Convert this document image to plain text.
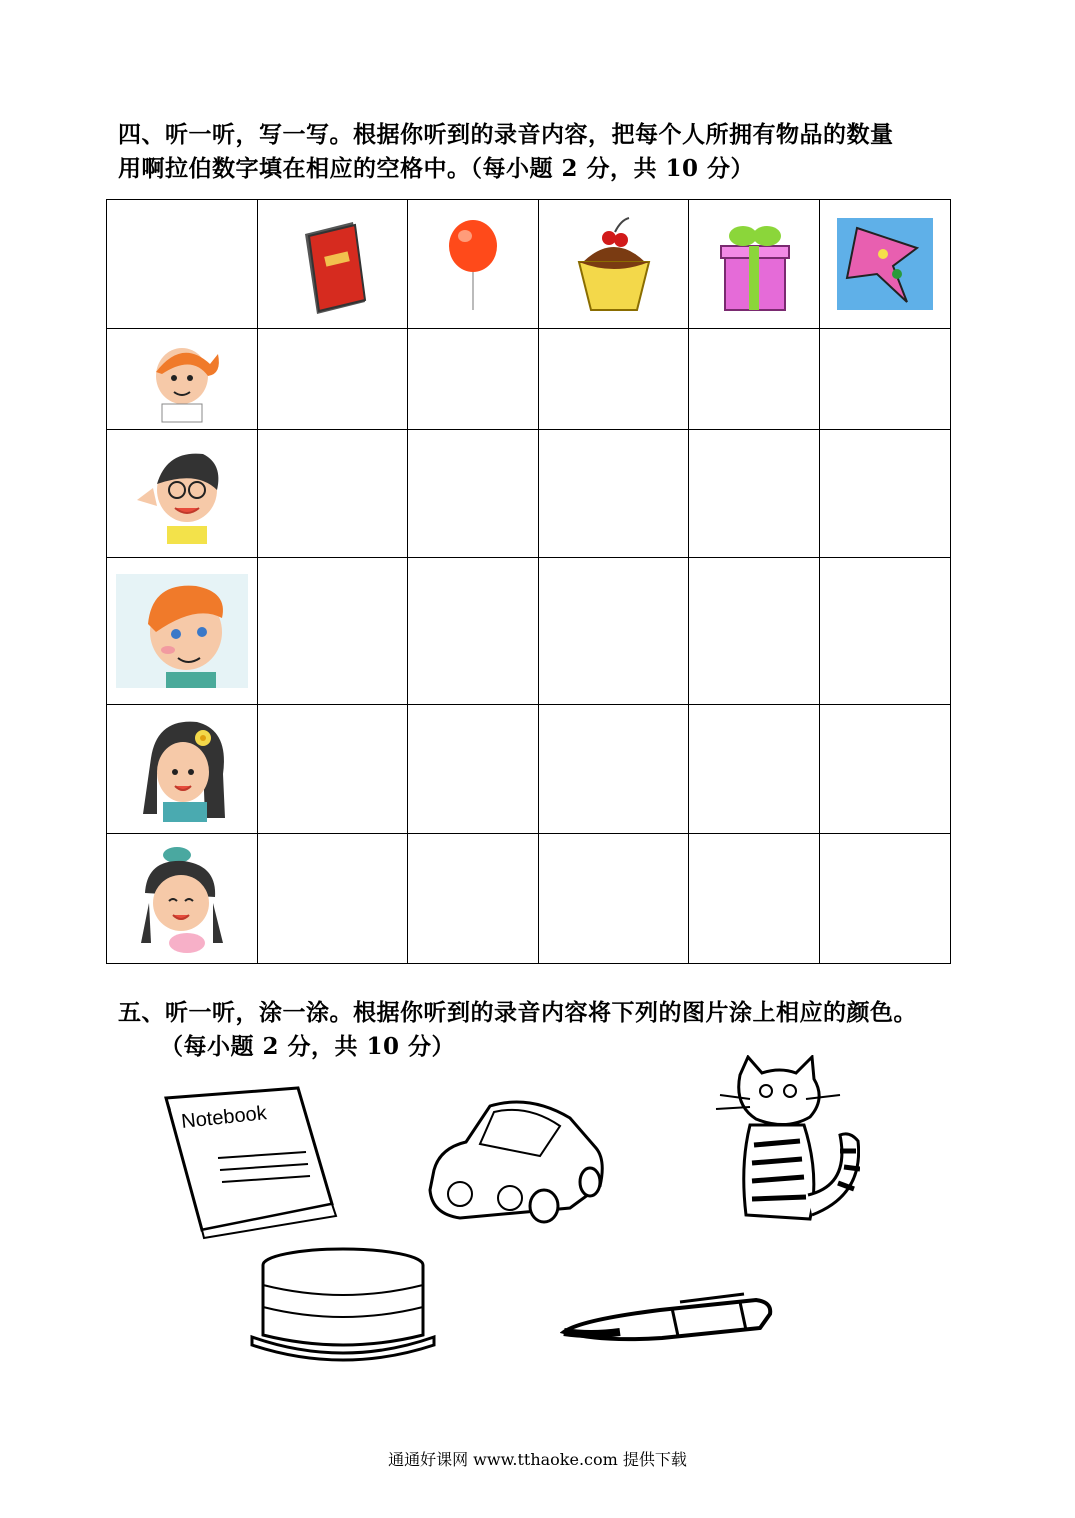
四、听一听，写一写。根据你听到的录音内容，把每个人所拥有物品的数量
用啊拉伯数字填在相应的空格中。（每小题 2 分，共 10 分）

五、听一听，涂一涂。根据你听到的录音内容将下列的图片涂上相应的颜色。
（每小题 2 分，共 10 分）
Notebook
通通好课网 www.tthaoke.com 提供下载
